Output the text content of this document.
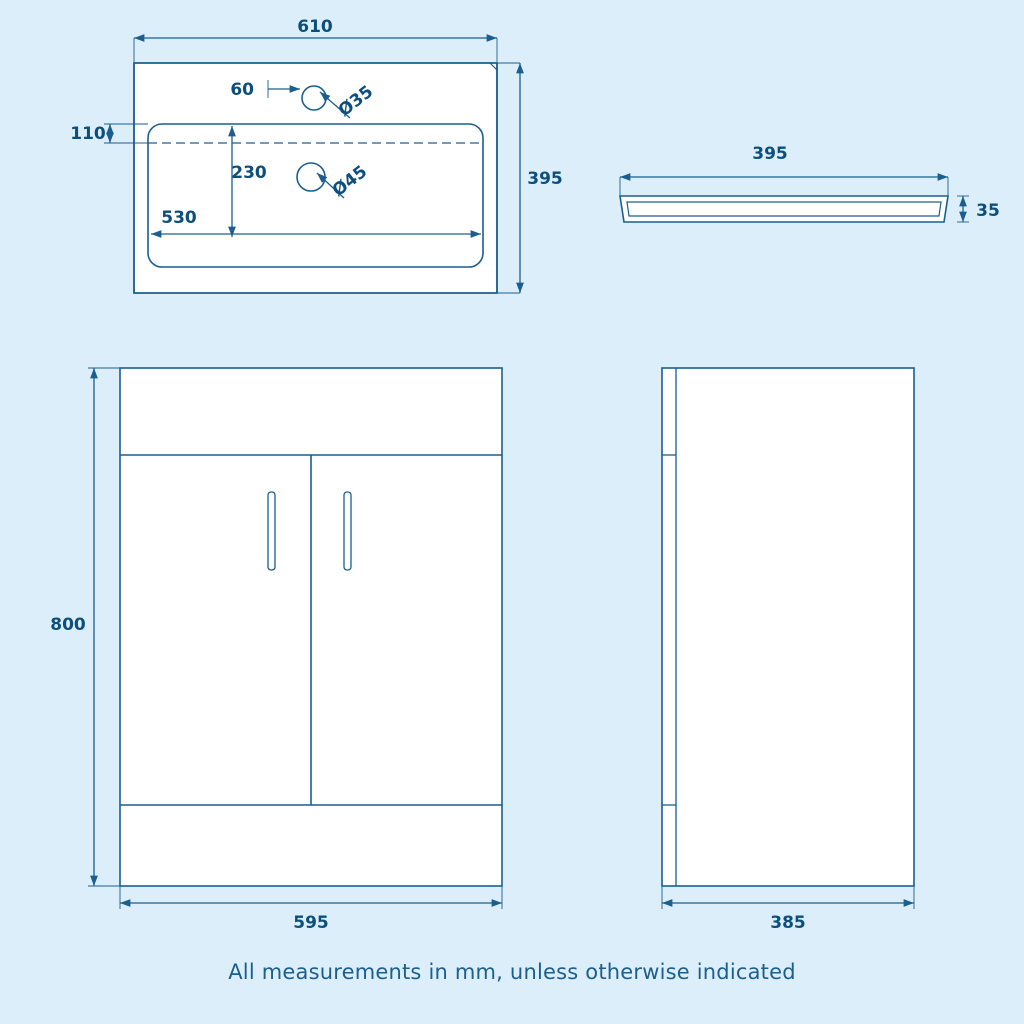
610
395
110
60	Ø35
Ø45
230
530
395
35
800
595	385
All measurements in mm, unless otherwise indicated
